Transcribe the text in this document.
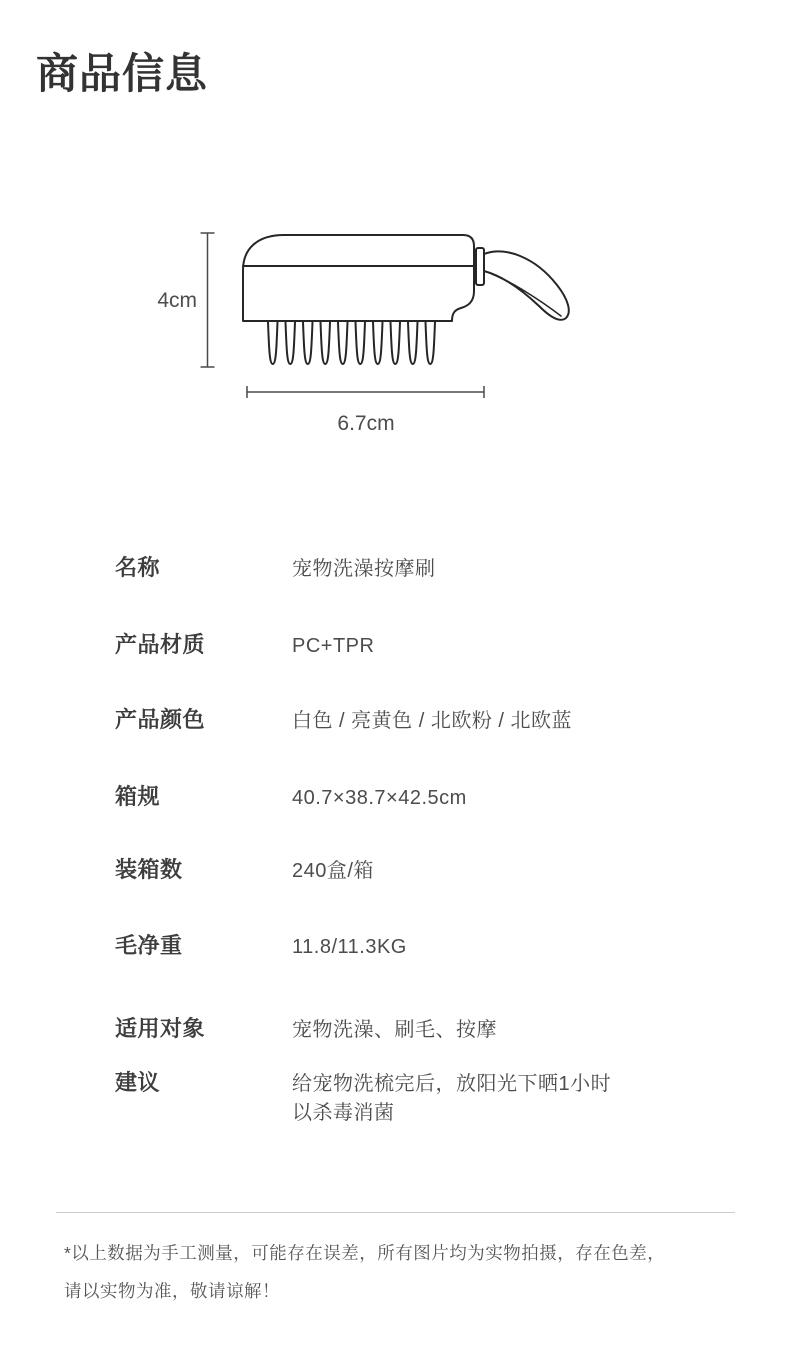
商品信息
4cm
6.7cm
名称	宠物洗澡按摩刷
产品材质	PC+TPR
产品颜色	白色 / 亮黄色 / 北欧粉 / 北欧蓝
箱规	40.7×38.7×42.5cm
装箱数	240盒/箱
毛净重	11.8/11.3KG
适用对象	宠物洗澡、刷毛、按摩
建议	给宠物洗梳完后，放阳光下晒1小时
以杀毒消菌
*以上数据为手工测量，可能存在误差，所有图片均为实物拍摄，存在色差，
请以实物为准，敬请谅解！
